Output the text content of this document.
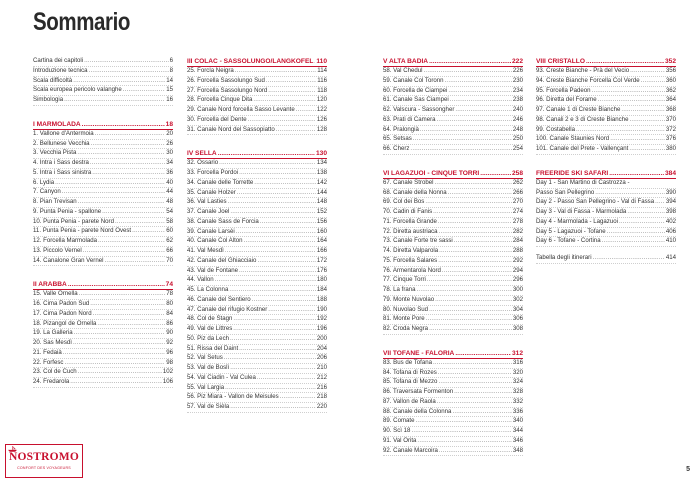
Sommario
Cartina dei capitoli .....	6
Introduzione tecnica .....	8
Scala difficoltà .....	14
Scala europea pericolo valanghe .....	15
Simbologia .....	16
I MARMOLADA .....	18
1. Vallone d'Antermoia .....	20
2. Bellunese Vecchia .....	26
3. Vecchia Pista .....	30
4. Intra i Sass destra .....	34
5. Intra i Sass sinistra .....	36
6. Lydia .....	40
7. Canyon .....	44
8. Pian Trevisan .....	48
9. Punta Penia - spallone .....	54
10. Punta Penia - parete Nord .....	58
11. Punta Penia - parete Nord Ovest .....	60
12. Forcella Marmolada .....	62
13. Piccolo Vernel .....	66
14. Canalone Gran Vernel .....	70
II ARABBA .....	74
15. Valle Ornella .....	78
16. Cima Padon Sud .....	80
17. Cima Padon Nord .....	84
18. Pizangol de Ornella .....	86
19. La Galleria .....	90
20. Sas Mesdì .....	92
21. Fedaià .....	96
22. Forfesc .....	98
23. Col de Cuch .....	102
24. Fredarola .....	106
III COLAC - SASSOLUNGO/LANGKOFEL ..... 110
25. Forcla Neigra .....	114
26. Forcella Sassolungo Sud .....	116
27. Forcella Sassolungo Nord .....	118
28. Forcella Cinque Dita .....	120
29. Canale Nord forcella Sasso Levante .....	122
30. Forcella del Dente .....	126
31. Canale Nord del Sassopiatto .....	128
IV SELLA .....	130
32. Ossario .....	134
33. Forcella Pordoi .....	138
34. Canale delle Torrette .....	142
35. Canale Holzer .....	144
36. Val Lasties .....	148
37. Canale Joel .....	152
38. Canale Sass de Forcia .....	156
39. Canale Larsèi .....	160
40. Canale Col Alton .....	164
41. Val Mesdì .....	166
42. Canale del Ghiacciaio .....	172
43. Val de Fontane .....	176
44. Vallon .....	180
45. La Colonna .....	184
46. Canale del Sentiero .....	188
47. Canale del rifugio Kostner .....	190
48. Col de Stagn .....	192
49. Val de Littres .....	196
50. Piz da Lech .....	200
51. Rissa del Daint .....	204
52. Val Setus .....	206
53. Val de Boslì .....	210
54. Val Ciadin - Val Culea .....	212
55. Val Largia .....	216
56. Piz Miara - Vallon de Meisules .....	218
57. Val de Sièla .....	220
V ALTA BADIA .....	222
58. Val Chedul .....	226
59. Canale Col Toronn .....	230
60. Forcella de Ciampei .....	234
61. Canale Sas Ciampei .....	238
62. Valscura - Sassongher .....	240
63. Prati di Camera .....	246
64. Pralongià .....	248
65. Setsas .....	250
66. Cherz .....	254
VI LAGAZUOI - CINQUE TORRI .....	258
67. Canale Strobel .....	262
68. Canale della Nonna .....	266
69. Col dei Bos .....	270
70. Cadin di Fanis .....	274
71. Forcella Grande .....	278
72. Diretta austriaca .....	282
73. Canale Forte tre sassi .....	284
74. Diretta Valparola .....	288
75. Forcella Salares .....	292
76. Armentarola Nord .....	294
77. Cinque Torri .....	296
78. La frana .....	300
79. Monte Nuvolao .....	302
80. Nuvolao Sud .....	304
81. Monte Pore .....	306
82. Croda Negra .....	308
VII TOFANE - FALORIA .....	312
83. Bus de Tofana .....	316
84. Tofana di Rozes .....	320
85. Tofana di Mezzo .....	324
86. Traversata Formenton .....	328
87. Vallon de Raola .....	332
88. Canale della Colonna .....	336
89. Comate .....	340
90. Scì 18 .....	344
91. Val Orita .....	346
92. Canale Marcoira .....	348
VIII CRISTALLO .....	352
93. Creste Bianche - Prà del Vecio .....	356
94. Creste Bianche Forcella Col Verde .....	360
95. Forcella Padeon .....	362
96. Diretta del Forame .....	364
97. Canale 1 di Creste Bianche .....	368
98. Canali 2 e 3 di Creste Bianche .....	370
99. Costabella .....	372
100. Canale Staunies Nord .....	376
101. Canale del Prete - Vallençant .....	380
FREERIDE SKI SAFARI .....	384
Day 1 - San Martino di Castrozza -
Passo San Pellegrino .....	390
Day 2 - Passo San Pellegrino - Val di Fassa ..... 394
Day 3 - Val di Fassa - Marmolada .....	398
Day 4 - Marmolada - Lagazuoi .....	402
Day 5 - Lagazuoi - Tofane .....	406
Day 6 - Tofane - Cortina .....	410
Tabella degli itinerari .....	414
NOSTROMO
CONFORT DES VOYAGEURS	5
